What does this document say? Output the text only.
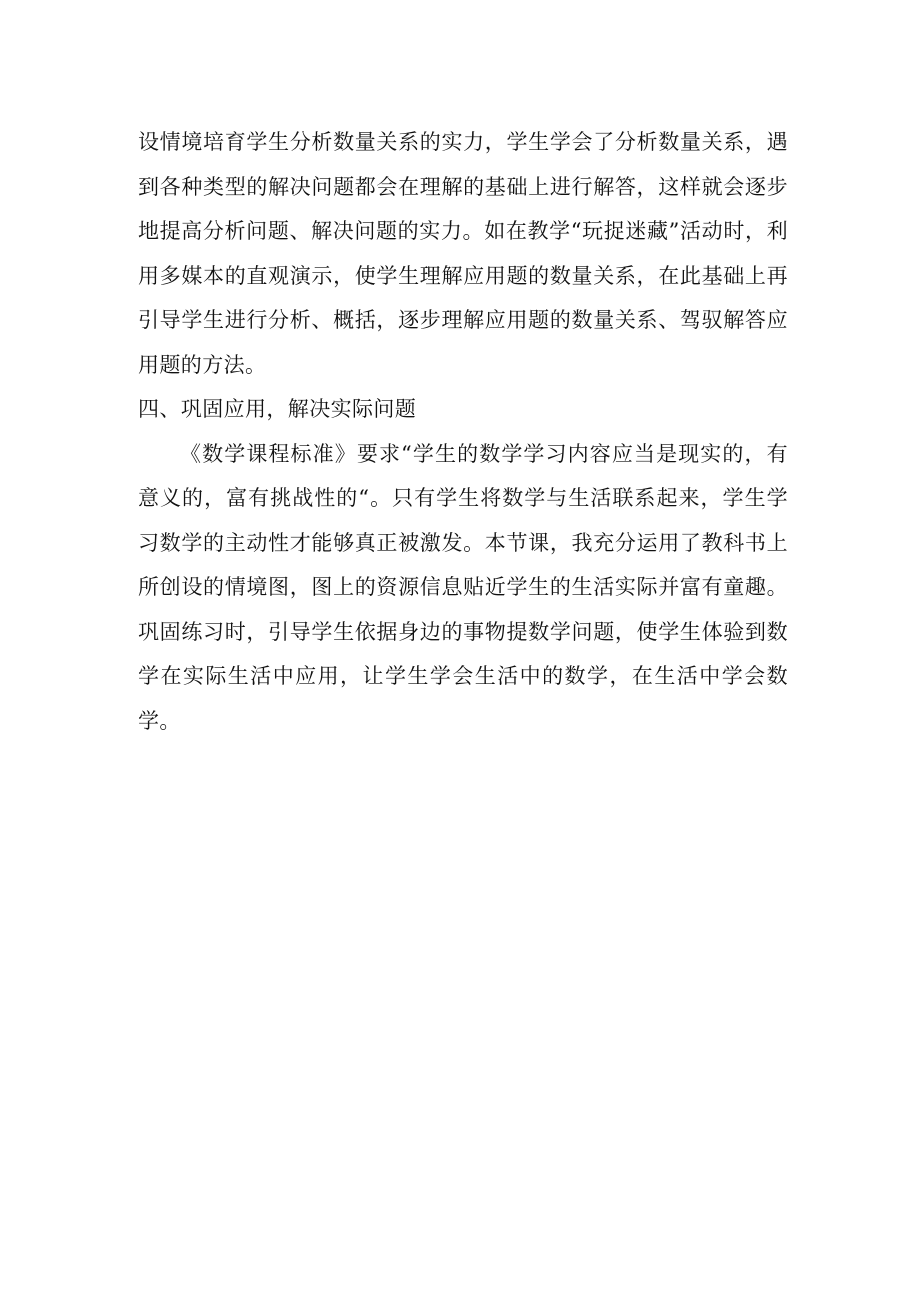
设情境培育学生分析数量关系的实力，学生学会了分析数量关系，遇到各种类型的解决问题都会在理解的基础上进行解答，这样就会逐步地提高分析问题、解决问题的实力。如在教学“玩捉迷藏”活动时，利用多媒本的直观演示，使学生理解应用题的数量关系，在此基础上再引导学生进行分析、概括，逐步理解应用题的数量关系、驾驭解答应用题的方法。

四、巩固应用，解决实际问题

《数学课程标准》要求“学生的数学学习内容应当是现实的，有意义的，富有挑战性的“。只有学生将数学与生活联系起来，学生学习数学的主动性才能够真正被激发。本节课，我充分运用了教科书上所创设的情境图，图上的资源信息贴近学生的生活实际并富有童趣。巩固练习时，引导学生依据身边的事物提数学问题，使学生体验到数学在实际生活中应用，让学生学会生活中的数学，在生活中学会数学。
